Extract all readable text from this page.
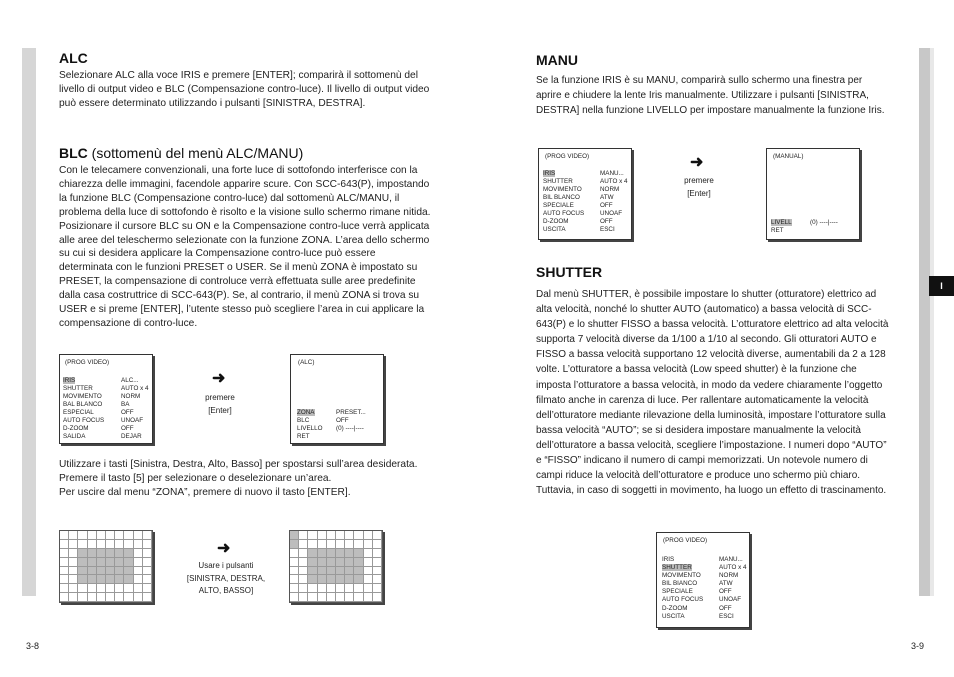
I
ALC
Selezionare ALC alla voce IRIS e premere [ENTER]; comparirà il sottomenù del livello di output video e BLC (Compensazione contro-luce). Il livello di output video può essere determinato utilizzando i pulsanti [SINISTRA, DESTRA].
BLC (sottomenù del menù ALC/MANU)
Con le telecamere convenzionali, una forte luce di sottofondo interferisce con la chiarezza delle immagini, facendole apparire scure. Con SCC-643(P), impostando la funzione BLC (Compensazione contro-luce) dal sottomenù ALC/MANU, il problema della luce di sottofondo è risolto e la visione sullo schermo rimane nitida. Posizionare il cursore BLC su ON e la Compensazione contro-luce verrà applicata alle aree del teleschermo selezionate con la funzione ZONA. L’area dello schermo su cui si desidera applicare la Compensazione contro-luce può essere determinata con le funzioni PRESET o USER. Se il menù ZONA è impostato su PRESET, la compensazione di controluce verrà effettuata sulle aree predefinite dalla casa costruttrice di SCC-643(P). Se, al contrario, il menù ZONA si trova su USER e si preme [ENTER], l’utente stesso può scegliere l’area in cui applicare la compensazione di contro-luce.
(PROG VIDEO)
IRIS	ALC...
SHUTTER	AUTO x 4
MOVIMENTO	NORM
BAL BLANCO	BA
ESPECIAL	OFF
AUTO FOCUS	UNOAF
D-ZOOM	OFF
SALIDA	DEJAR
➜
premere
[Enter]
(ALC)
ZONA	PRESET...
BLC	OFF
LIVELLO (0) ----|----
RET
Utilizzare i tasti [Sinistra, Destra, Alto, Basso] per spostarsi sull’area desiderata.
Premere il tasto [5] per selezionare o deselezionare un’area.
Per uscire dal menu “ZONA”, premere di nuovo il tasto [ENTER].
➜
Usare i pulsanti
[SINISTRA, DESTRA,
ALTO, BASSO]
3-8
MANU
Se la funzione IRIS è su MANU, comparirà sullo schermo una finestra per aprire e chiudere la lente Iris manualmente. Utilizzare i pulsanti [SINISTRA, DESTRA] nella funzione LIVELLO per impostare manualmente la funzione Iris.
(PROG VIDEO)
IRIS	MANU...
SHUTTER	AUTO x 4
MOVIMENTO	NORM
BIL BLANCO	ATW
SPECIALE	OFF
AUTO FOCUS	UNOAF
D-ZOOM	OFF
USCITA	ESCI
➜
premere
[Enter]
(MANUAL)
LIVELL	(0) ----|----
RET
SHUTTER
Dal menù SHUTTER, è possibile impostare lo shutter (otturatore) elettrico ad alta velocità, nonché lo shutter AUTO (automatico) a bassa velocità di SCC-643(P) e lo shutter FISSO a bassa velocità. L’otturatore elettrico ad alta velocità supporta 7 velocità diverse da 1/100 a 1/10 al secondo. Gli otturatori AUTO e FISSO a bassa velocità supportano 12 velocità diverse, aumentabili da 2 a 128 volte. L’otturatore a bassa velocità (Low speed shutter) è la funzione che imposta l’otturatore a bassa velocità, in modo da vedere chiaramente l’oggetto filmato anche in carenza di luce. Per rallentare automaticamente la velocità dell’otturatore mediante rilevazione della luminosità, impostare l’otturatore sulla bassa velocità “AUTO”; se si desidera impostare manualmente la velocità dell’otturatore a bassa velocità, scegliere l’impostazione. I numeri dopo “AUTO” e “FISSO” indicano il numero di campi memorizzati. Un notevole numero di campi riduce la velocità dell’otturatore e produce uno schermo più chiaro.
Tuttavia, in caso di soggetti in movimento, ha luogo un effetto di trascinamento.
(PROG VIDEO)
IRIS	MANU...
SHUTTER	AUTO x 4
MOVIMENTO	NORM
BIL BIANCO	ATW
SPECIALE	OFF
AUTO FOCUS	UNOAF
D-ZOOM	OFF
USCITA	ESCI
3-9
